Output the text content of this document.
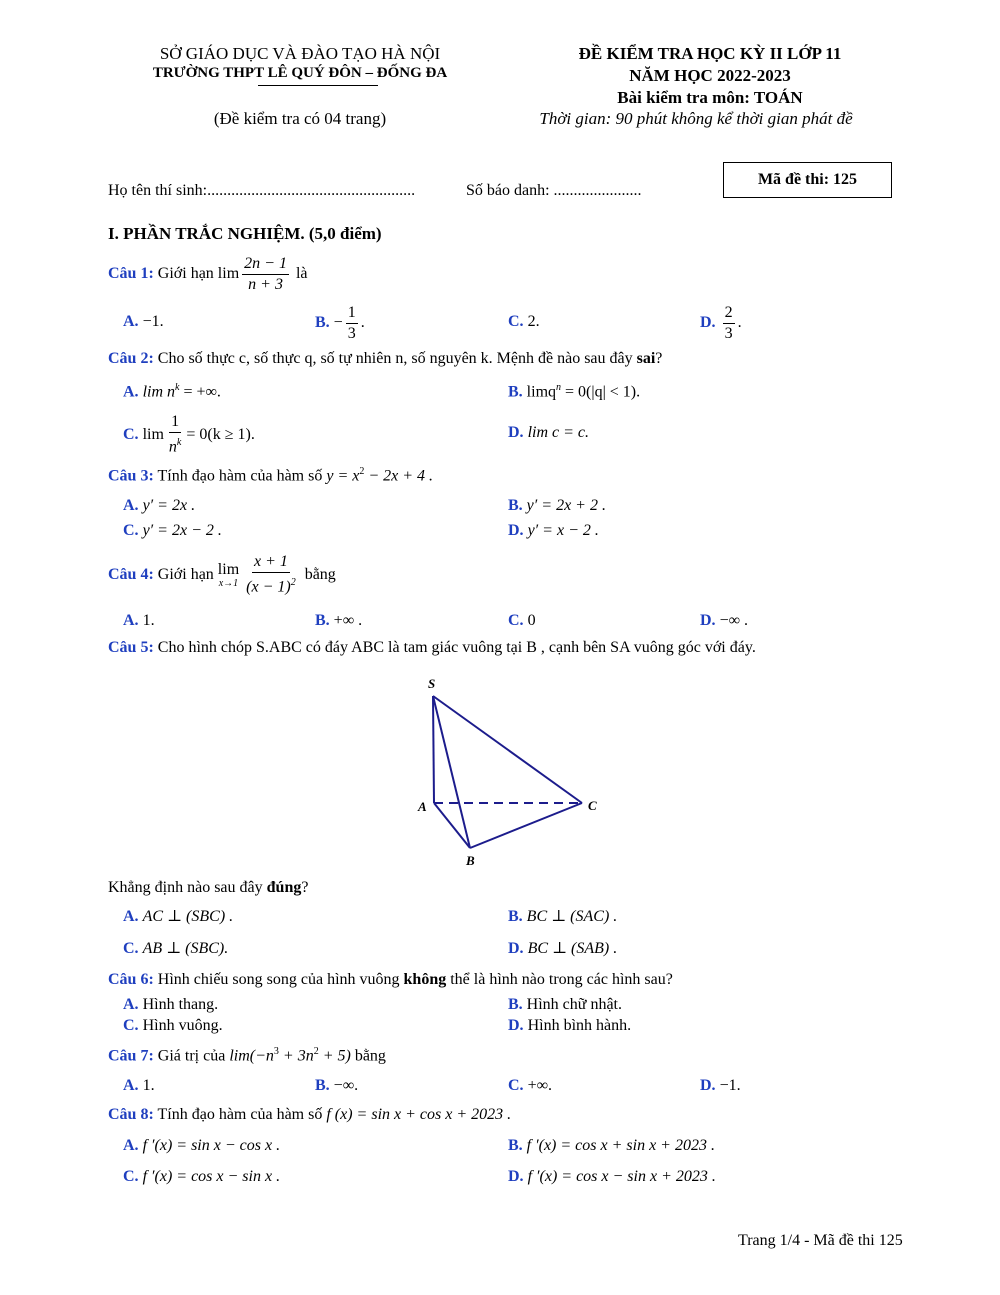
SỞ GIÁO DỤC VÀ ĐÀO TẠO HÀ NỘI
TRƯỜNG THPT LÊ QUÝ ĐÔN – ĐỐNG ĐA
(Đề kiểm tra có 04 trang)
ĐỀ KIỂM TRA HỌC KỲ II LỚP 11
NĂM HỌC 2022-2023
Bài kiểm tra môn: TOÁN
Thời gian: 90 phút không kể thời gian phát đề
Họ tên thí sinh:....................................................	Số báo danh: ......................
Mã đề thi: 125
I. PHẦN TRẮC NGHIỆM. (5,0 điểm)
Câu 1:
Giới hạn
$\lim \frac{2n - 1}{n + 3}$
là
A. −1.	B.
− $\frac{1}{3}$ .	C. 2.	D.
$\frac{2}{3}$ .
Câu 2: Cho số thực c, số thực q, số tự nhiên n, số nguyên k. Mệnh đề nào sau đây sai?
A. $\lim n^k$ = +∞.	B. limq$^n$ = 0(|q| < 1).
C.
$\lim \frac{1}{n^k} = 0(k \ge 1)$.	D. lim c = c.
Câu 3: Tính đạo hàm của hàm số $y = x^2 - 2x + 4$ .
A. y′ = 2x .	B. y′ = 2x + 2 .
C. y′ = 2x − 2 .	D. y′ = x − 2 .
Câu 4:
Giới hạn
lim
$x\to 1 \frac{x + 1}{(x - 1)^2}$
bằng
A. 1.	B. +∞ .	C. 0	D. −∞ .
Câu 5: Cho hình chóp S.ABC có đáy ABC là tam giác vuông tại B , cạnh bên SA vuông góc với đáy.
S
A
B
C
Khẳng định nào sau đây đúng?
A. AC ⊥ (SBC) .	B. BC ⊥ (SAC) .
C. AB ⊥ (SBC).	D. BC ⊥ (SAB) .
Câu 6: Hình chiếu song song của hình vuông không thể là hình nào trong các hình sau?
A. Hình thang.	B. Hình chữ nhật.
C. Hình vuông.	D. Hình bình hành.
Câu 7: Giá trị của $\lim(-n^3 + 3n^2 + 5)$ bằng
A. 1.	B. −∞.	C. +∞.	D. −1.
Câu 8: Tính đạo hàm của hàm số f (x) = sin x + cos x + 2023 .
A. f ′(x) = sin x − cos x .	B. f ′(x) = cos x + sin x + 2023 .
C. f ′(x) = cos x − sin x .	D. f ′(x) = cos x − sin x + 2023 .
Trang 1/4 - Mã đề thi 125
